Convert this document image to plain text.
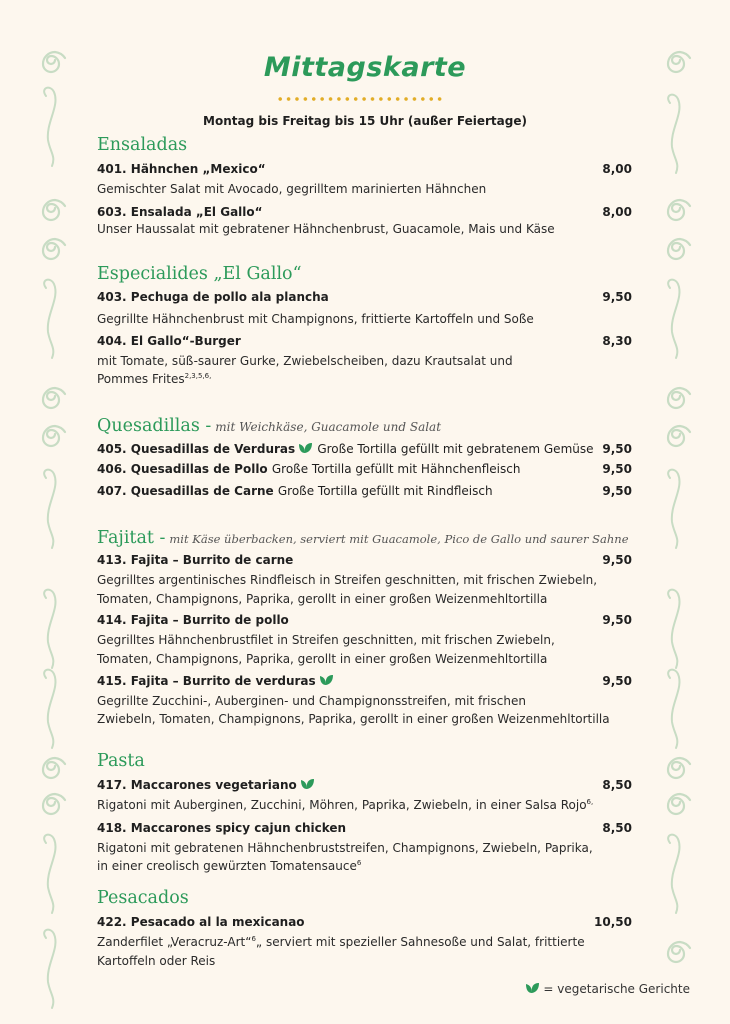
Mittagskarte
Montag bis Freitag bis 15 Uhr (außer Feiertage)
Ensaladas
401. Hähnchen „Mexico“	8,00
Gemischter Salat mit Avocado, gegrilltem marinierten Hähnchen
603. Ensalada „El Gallo“	8,00
Unser Haussalat mit gebratener Hähnchenbrust, Guacamole, Mais und Käse
Especialides „El Gallo“
403. Pechuga de pollo ala plancha	9,50
Gegrillte Hähnchenbrust mit Champignons, frittierte Kartoffeln und Soße
404. El Gallo“-Burger	8,30
mit Tomate, süß-saurer Gurke, Zwiebelscheiben, dazu Krautsalat und
Pommes Frites$^{2,3,5,6,}$
Quesadillas - mit Weichkäse, Guacamole und Salat
405. Quesadillas de Verduras Große Tortilla gefüllt mit gebratenem Gemüse 9,50
406. Quesadillas de Pollo Große Tortilla gefüllt mit Hähnchenfleisch	9,50
407. Quesadillas de Carne Große Tortilla gefüllt mit Rindfleisch	9,50
Fajitat - mit Käse überbacken, serviert mit Guacamole, Pico de Gallo und saurer Sahne
413. Fajita – Burrito de carne	9,50
Gegrilltes argentinisches Rindfleisch in Streifen geschnitten, mit frischen Zwiebeln,
Tomaten, Champignons, Paprika, gerollt in einer großen Weizenmehltortilla
414. Fajita – Burrito de pollo	9,50
Gegrilltes Hähnchenbrustfilet in Streifen geschnitten, mit frischen Zwiebeln,
Tomaten, Champignons, Paprika, gerollt in einer großen Weizenmehltortilla
415. Fajita – Burrito de verduras	9,50
Gegrillte Zucchini-, Auberginen- und Champignonsstreifen, mit frischen
Zwiebeln, Tomaten, Champignons, Paprika, gerollt in einer großen Weizenmehltortilla
Pasta
417. Maccarones vegetariano	8,50
Rigatoni mit Auberginen, Zucchini, Möhren, Paprika, Zwiebeln, in einer Salsa Rojo$^{6,}$
418. Maccarones spicy cajun chicken	8,50
Rigatoni mit gebratenen Hähnchenbruststreifen, Champignons, Zwiebeln, Paprika,
in einer creolisch gewürzten Tomatensauce$^6$
Pesacados
422. Pesacado al la mexicanao	10,50
Zanderfilet „Veracruz-Art“$^6$„ serviert mit spezieller Sahnesoße und Salat, frittierte
Kartoffeln oder Reis
= vegetarische Gerichte
